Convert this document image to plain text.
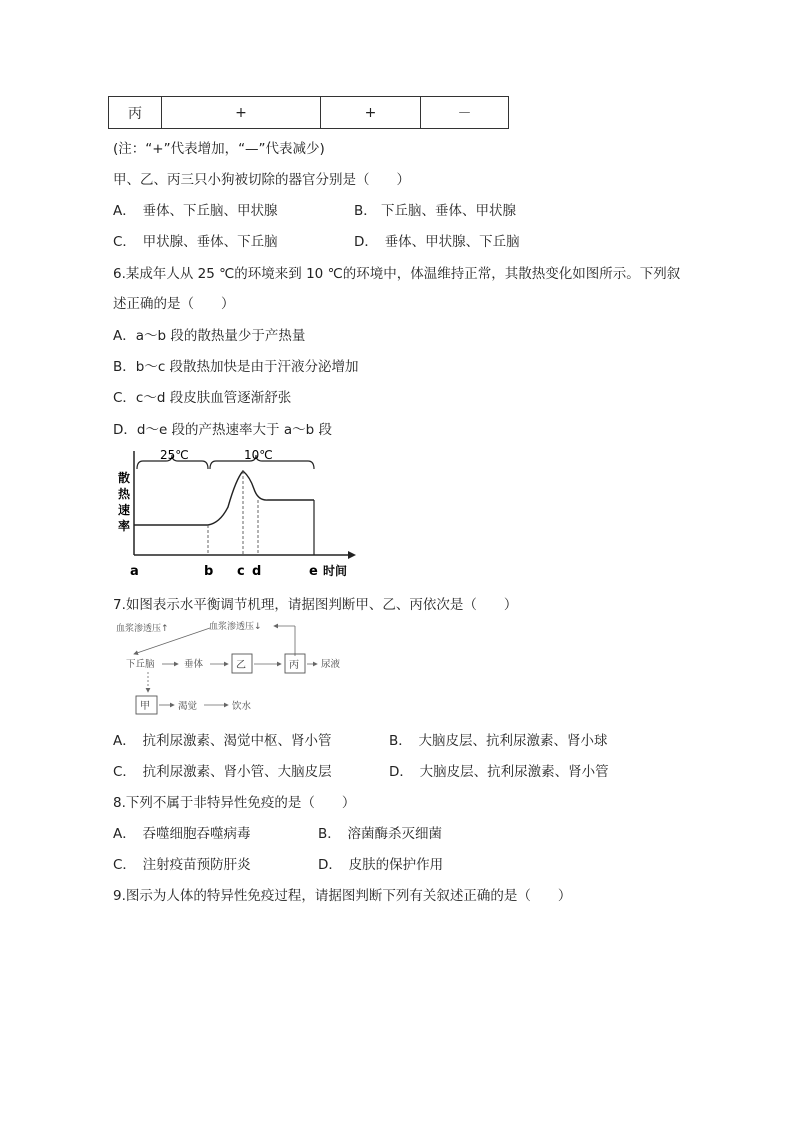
丙	+	+	－
(注：“+”代表增加，“—”代表减少)
甲、乙、丙三只小狗被切除的器官分别是（　　）
A．　垂体、下丘脑、甲状腺	B． 下丘脑、垂体、甲状腺
C．　甲状腺、垂体、下丘脑	D．　垂体、甲状腺、下丘脑
6.某成年人从 25 ℃的环境来到 10 ℃的环境中，体温维持正常，其散热变化如图所示。下列叙
述正确的是（　　）
A．a～b 段的散热量少于产热量
B．b～c 段散热加快是由于汗液分泌增加
C．c～d 段皮肤血管逐渐舒张
D．d～e 段的产热速率大于 a～b 段
25℃	10℃
散
热
速
率
a	b c d	e 时间
7.如图表示水平衡调节机理，请据图判断甲、乙、丙依次是（　　）
血浆渗透压↑	血浆渗透压↓
下丘脑	垂体	乙	丙 尿液
甲	渴觉	饮水
A．　抗利尿激素、渴觉中枢、肾小管	B．　大脑皮层、抗利尿激素、肾小球
C．　抗利尿激素、肾小管、大脑皮层	D．　大脑皮层、抗利尿激素、肾小管
8.下列不属于非特异性免疫的是（　　）
A．　吞噬细胞吞噬病毒	B．　溶菌酶杀灭细菌
C．　注射疫苗预防肝炎	D．　皮肤的保护作用
9.图示为人体的特异性免疫过程，请据图判断下列有关叙述正确的是（　　）
